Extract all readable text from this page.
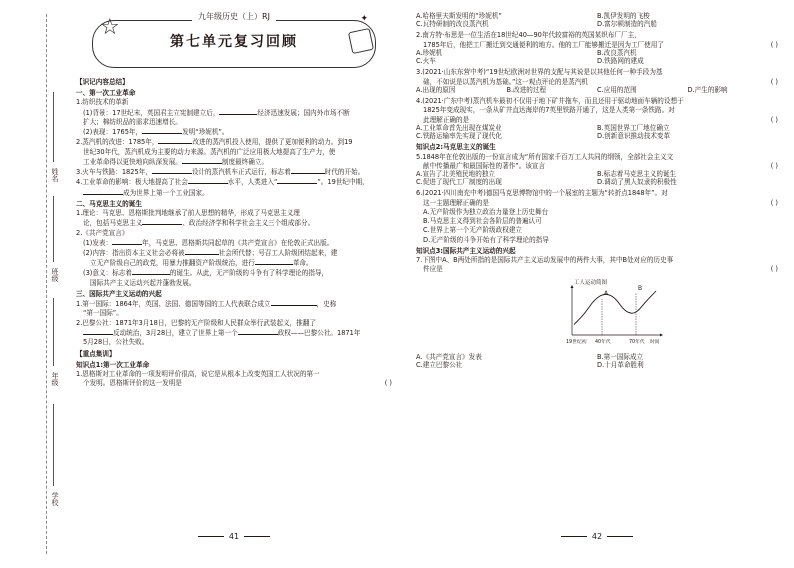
姓名
班级
年级
学校
九年级历史（上）RJ
☆	✦
第七单元复习回顾
【识记内容总结】
一、第一次工业革命
1.纺织技术的革新
(1)背景：17世纪末，英国君主立宪制建立后，	经济迅速发展；国内外市场不断
扩大；棉纺织品的需求迅速增长。
(2)表现：1765年，	发明“珍妮机”。
2.蒸汽机的改进：1785年，	改进的蒸汽机投入使用，提供了更加便利的动力。到19
世纪30年代，蒸汽机成为主要的动力来源。蒸汽机的广泛应用极大地提高了生产力，使
工业革命得以更快地向纵深发展。	制度最终确立。
3.火车与铁路：1825年，	设计的蒸汽机车正式运行，标志着	时代的开始。
4.工业革命的影响：极大地提高了社会	水平，人类进入“	”。19世纪中期，
成为世界上第一个工业国家。
二、马克思主义的诞生
1.理论：马克思、恩格斯批判地继承了前人思想的精华，形成了马克思主义理
论，包括马克思主义	、政治经济学和科学社会主义三个组成部分。
2.《共产党宣言》
(1)发表：	年，马克思、恩格斯共同起草的《共产党宣言》在伦敦正式出版。
(2)内容：指出资本主义社会必将被	社会所代替；号召工人阶级团结起来，建
立无产阶级自己的政党，用暴力推翻资产阶级统治，进行	革命。
(3)意义：标志着	的诞生。从此，无产阶级的斗争有了科学理论的指导，
国际共产主义运动兴起并蓬勃发展。
三、国际共产主义运动的兴起
1.第一国际：1864年，英国、法国、德国等国的工人代表联合成立	，史称
“第一国际”。
2.巴黎公社：1871年3月18日，巴黎的无产阶级和人民群众举行武装起义，推翻了
反动统治，3月28日，建立了世界上第一个	政权——巴黎公社。1871年
5月28日，公社失败。
【重点集训】
知识点1:第一次工业革命
1.恩格斯对工业革命的一项发明评价很高，说它是从根本上改变英国工人状况的第一
个发明。恩格斯评价的这一发明是	( )
41
A.哈格里夫斯发明的“珍妮机”	B.凯伊发明的飞梭
C.瓦特研制的改良蒸汽机	D.富尔顿制造的汽船
2.南方特·布思是一位生活在18世纪40—90年代较富裕的英国某织布厂厂主，
1785年后，他把工厂搬迁到交通便利的地方。他的工厂能够搬迁是因为工厂使用了	( )
A.珍妮机	B.改良蒸汽机
C.火车	D.铁路网的建成
3.(2021·山东东营中考)“19世纪欧洲对世界的支配与其说是以其他任何一种手段为基
础，不如说是以蒸汽机为基础。”这一观点评论的是蒸汽机	( )
A.出现的原因	B.改进的过程	C.应用的范围	D.产生的影响
4.(2021·广东中考)蒸汽机车最初不仅用于地下矿井拖车，而且还用于驱动地面车辆的设想于
1825年变成现实，一条从矿井直达海岸的7英里铁路开通了，这是人类第一条铁路。对
此理解正确的是	( )
A.工业革命首先出现在煤炭业	B.英国世界工厂地位确立
C.铁路运输率先实现了现代化	D.创新意识推动技术变革
知识点2:马克思主义的诞生
5.1848年在伦敦出版的一份宣言成为“所有国家千百万工人共同的纲领，全部社会主义文
献中传播最广和最国际性的著作”。该宣言	( )
A.宣告了北美殖民地的独立	B.标志着马克思主义的诞生
C.促进了现代工厂制度的出现	D.调动了黑人奴隶的积极性
6.(2021·四川南充中考)德国马克思博物馆中的一个展室的主题为“转折点1848年”。对
这一主题理解正确的是	( )
A.无产阶级作为独立政治力量登上历史舞台
B.马克思主义得到社会各阶层的普遍认可
C.世界上第一个无产阶级政权建立
D.无产阶级的斗争开始有了科学理论的指导
知识点3:国际共产主义运动的兴起
7.下图中A、B两处所指的是国际共产主义运动发展中的两件大事，其中B处对应的历史事
件应是	( )
工人运动简图
A
B
19世纪初 40年代	70年代 时间
A.《共产党宣言》发表	B.第一国际成立
C.建立巴黎公社	D.十月革命胜利
42
